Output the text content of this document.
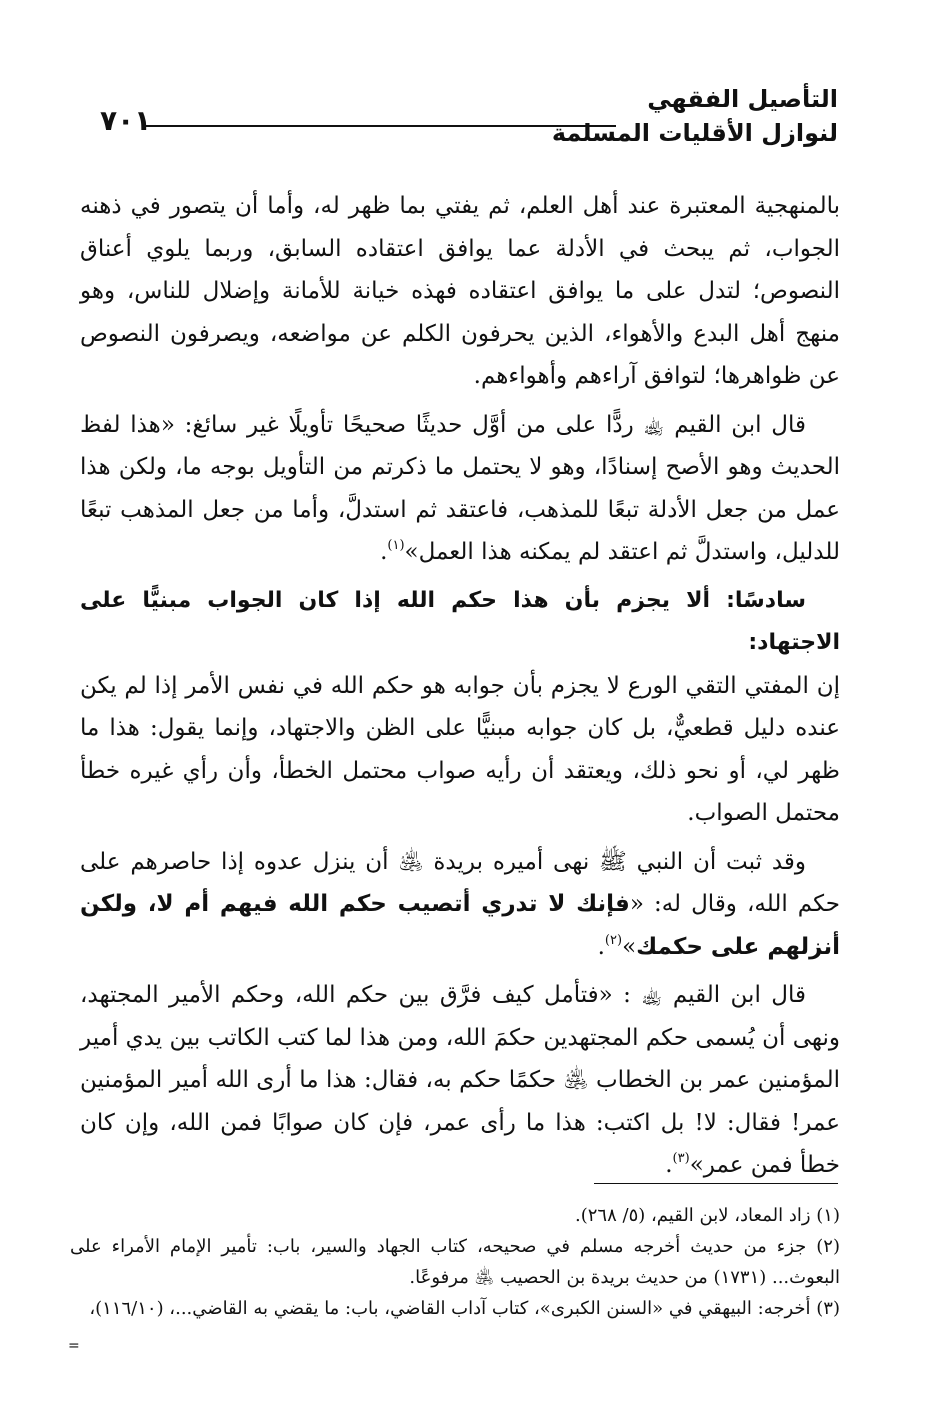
التأصيل الفقهي
لنوازل الأقليات المسلمة
٧٠١

بالمنهجية المعتبرة عند أهل العلم، ثم يفتي بما ظهر له، وأما أن يتصور في ذهنه الجواب، ثم يبحث في الأدلة عما يوافق اعتقاده السابق، وربما يلوي أعناق النصوص؛ لتدل على ما يوافق اعتقاده فهذه خيانة للأمانة وإضلال للناس، وهو منهج أهل البدع والأهواء، الذين يحرفون الكلم عن مواضعه، ويصرفون النصوص عن ظواهرها؛ لتوافق آراءهم وأهواءهم.

قال ابن القيم ﵀ ردًّا على من أوَّل حديثًا صحيحًا تأويلًا غير سائغ: «هذا لفظ الحديث وهو الأصح إسنادًا، وهو لا يحتمل ما ذكرتم من التأويل بوجه ما، ولكن هذا عمل من جعل الأدلة تبعًا للمذهب، فاعتقد ثم استدلَّ، وأما من جعل المذهب تبعًا للدليل، واستدلَّ ثم اعتقد لم يمكنه هذا العمل»$^{(١)}$.

سادسًا: ألا يجزم بأن هذا حكم الله إذا كان الجواب مبنيًّا على الاجتهاد:

إن المفتي التقي الورع لا يجزم بأن جوابه هو حكم الله في نفس الأمر إذا لم يكن عنده دليل قطعيٌّ، بل كان جوابه مبنيًّا على الظن والاجتهاد، وإنما يقول: هذا ما ظهر لي، أو نحو ذلك، ويعتقد أن رأيه صواب محتمل الخطأ، وأن رأي غيره خطأ محتمل الصواب.

وقد ثبت أن النبي ﷺ نهى أميره بريدة ﵁ أن ينزل عدوه إذا حاصرهم على حكم الله، وقال له: «فإنك لا تدري أتصيب حكم الله فيهم أم لا، ولكن أنزلهم على حكمك»$^{(٢)}$.

قال ابن القيم ﵀ : «فتأمل كيف فرَّق بين حكم الله، وحكم الأمير المجتهد، ونهى أن يُسمى حكم المجتهدين حكمَ الله، ومن هذا لما كتب الكاتب بين يدي أمير المؤمنين عمر بن الخطاب ﵁ حكمًا حكم به، فقال: هذا ما أرى الله أمير المؤمنين عمر! فقال: لا! بل اكتب: هذا ما رأى عمر، فإن كان صوابًا فمن الله، وإن كان خطأ فمن عمر»$^{(٣)}$.

(١) زاد المعاد، لابن القيم، (٥/ ٢٦٨).

(٢) جزء من حديث أخرجه مسلم في صحيحه، كتاب الجهاد والسير، باب: تأمير الإمام الأمراء على البعوث... (١٧٣١) من حديث بريدة بن الحصيب ﵁ مرفوعًا.

(٣) أخرجه: البيهقي في «السنن الكبرى»، كتاب آداب القاضي، باب: ما يقضي به القاضي...، (١١٦/١٠)،

=
